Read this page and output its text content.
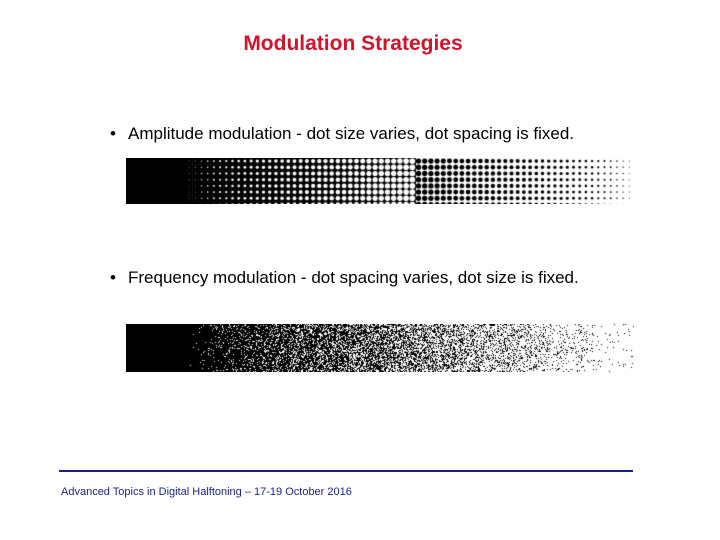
Modulation Strategies
• Amplitude modulation - dot size varies, dot spacing is fixed.
• Frequency modulation - dot spacing varies, dot size is fixed.
Advanced Topics in Digital Halftoning – 17-19 October 2016
